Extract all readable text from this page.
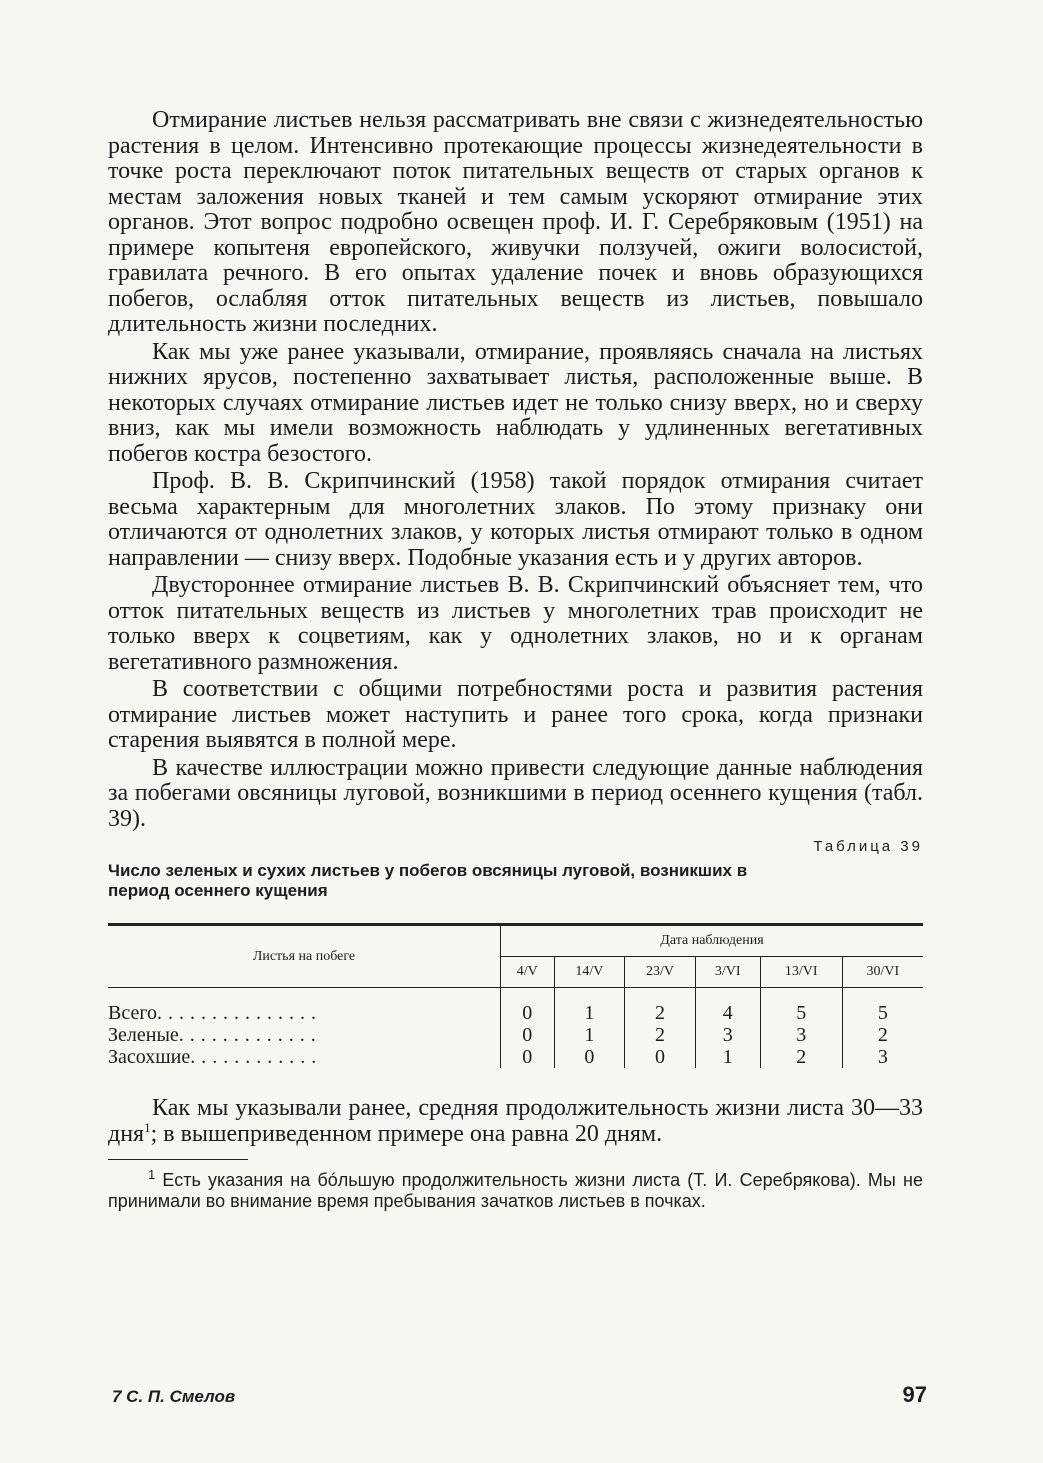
Отмирание листьев нельзя рассматривать вне связи с жизнедеятельностью растения в целом. Интенсивно протекающие процессы жизнедеятельности в точке роста переключают поток питательных веществ от старых органов к местам заложения новых тканей и тем самым ускоряют отмирание этих органов. Этот вопрос подробно освещен проф. И. Г. Серебряковым (1951) на примере копытеня европейского, живучки ползучей, ожиги волосистой, гравилата речного. В его опытах удаление почек и вновь образующихся побегов, ослабляя отток питательных веществ из листьев, повышало длительность жизни последних.

Как мы уже ранее указывали, отмирание, проявляясь сначала на листьях нижних ярусов, постепенно захватывает листья, расположенные выше. В некоторых случаях отмирание листьев идет не только снизу вверх, но и сверху вниз, как мы имели возможность наблюдать у удлиненных вегетативных побегов костра безостого.

Проф. В. В. Скрипчинский (1958) такой порядок отмирания считает весьма характерным для многолетних злаков. По этому признаку они отличаются от однолетних злаков, у которых листья отмирают только в одном направлении — снизу вверх. Подобные указания есть и у других авторов.

Двустороннее отмирание листьев В. В. Скрипчинский объясняет тем, что отток питательных веществ из листьев у многолетних трав происходит не только вверх к соцветиям, как у однолетних злаков, но и к органам вегетативного размножения.

В соответствии с общими потребностями роста и развития растения отмирание листьев может наступить и ранее того срока, когда признаки старения выявятся в полной мере.

В качестве иллюстрации можно привести следующие данные наблюдения за побегами овсяницы луговой, возникшими в период осеннего кущения (табл. 39).

Таблица 39

Число зеленых и сухих листьев у побегов овсяницы луговой, возникших в период осеннего кущения

Листья на побеге	Дата наблюдения					
	4/V	14/V	23/V	3/VI	13/VI	30/VI
Всего...............	0	1	2	4	5	5
Зеленые.............	0	1	2	3	3	2
Засохшие............	0	0	0	1	2	3

Как мы указывали ранее, средняя продолжительность жизни листа 30—33 дня$^1$; в вышеприведенном примере она равна 20 дням.

$^1$ Есть указания на бóльшую продолжительность жизни листа (Т. И. Серебрякова). Мы не принимали во внимание время пребывания зачатков листьев в почках.

7 С. П. Смелов	97
